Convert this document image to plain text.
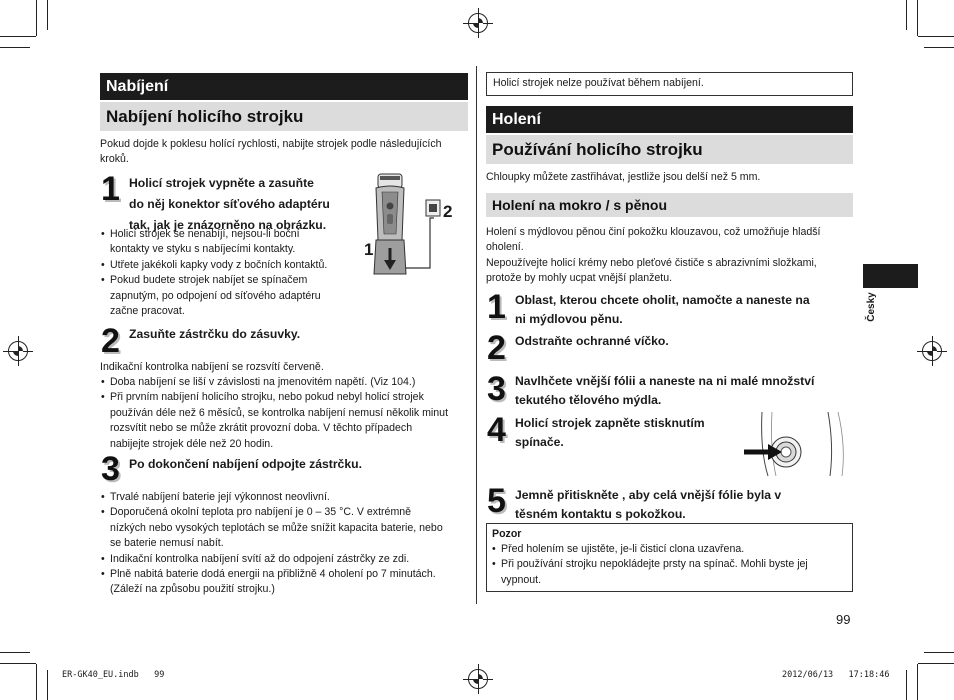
Nabíjení
Nabíjení holicího strojku
Pokud dojde k poklesu holící rychlosti, nabijte strojek podle následujících
kroků.
1 Holicí strojek vypněte a zasuňte
do něj konektor síťového adaptéru
tak, jak je znázorněno na obrázku.
• Holicí strojek se nenabíjí, nejsou-li boční
kontakty ve styku s nabíjecími kontakty.
• Utřete jakékoli kapky vody z bočních kontaktů.
• Pokud budete strojek nabíjet se spínačem
zapnutým, po odpojení od síťového adaptéru
začne pracovat.
1
2
2 Zasuňte zástrčku do zásuvky.
Indikační kontrolka nabíjení se rozsvítí červeně.
• Doba nabíjení se liší v závislosti na jmenovitém napětí. (Viz 104.)
• Při prvním nabíjení holicího strojku, nebo pokud nebyl holicí strojek
používán déle než 6 měsíců, se kontrolka nabíjení nemusí několik minut
rozsvítit nebo se může zkrátit provozní doba. V těchto případech
nabijejte strojek déle než 20 hodin.
3 Po dokončení nabíjení odpojte zástrčku.
• Trvalé nabíjení baterie její výkonnost neovlivní.
• Doporučená okolní teplota pro nabíjení je 0 – 35 °C. V extrémně
nízkých nebo vysokých teplotách se může snížit kapacita baterie, nebo
se baterie nemusí nabít.
• Indikační kontrolka nabíjení svítí až do odpojení zástrčky ze zdi.
• Plně nabitá baterie dodá energii na přibližně 4 oholení po 7 minutách.
(Záleží na způsobu použití strojku.)
Holicí strojek nelze používat během nabíjení.
Holení
Používání holicího strojku
Chloupky můžete zastřihávat, jestliže jsou delší než 5 mm.
Holení na mokro / s pěnou
Holení s mýdlovou pěnou činí pokožku klouzavou, což umožňuje hladší
oholení.
Nepoužívejte holicí krémy nebo pleťové čističe s abrazivními složkami,
protože by mohly ucpat vnější planžetu.
1 Oblast, kterou chcete oholit, namočte a naneste na
ni mýdlovou pěnu.
2 Odstraňte ochranné víčko.
3 Navlhčete vnější fólii a naneste na ni malé množství
tekutého tělového mýdla.
4 Holicí strojek zapněte stisknutím
spínače.
5 Jemně přitiskněte , aby celá vnější fólie byla v
těsném kontaktu s pokožkou.
Pozor
• Před holením se ujistěte, je-li čisticí clona uzavřena.
• Při používání strojku nepokládejte prsty na spínač. Mohli byste jej
vypnout.
Česky
99
ER-GK40_EU.indb   99	2012/06/13   17:18:46
